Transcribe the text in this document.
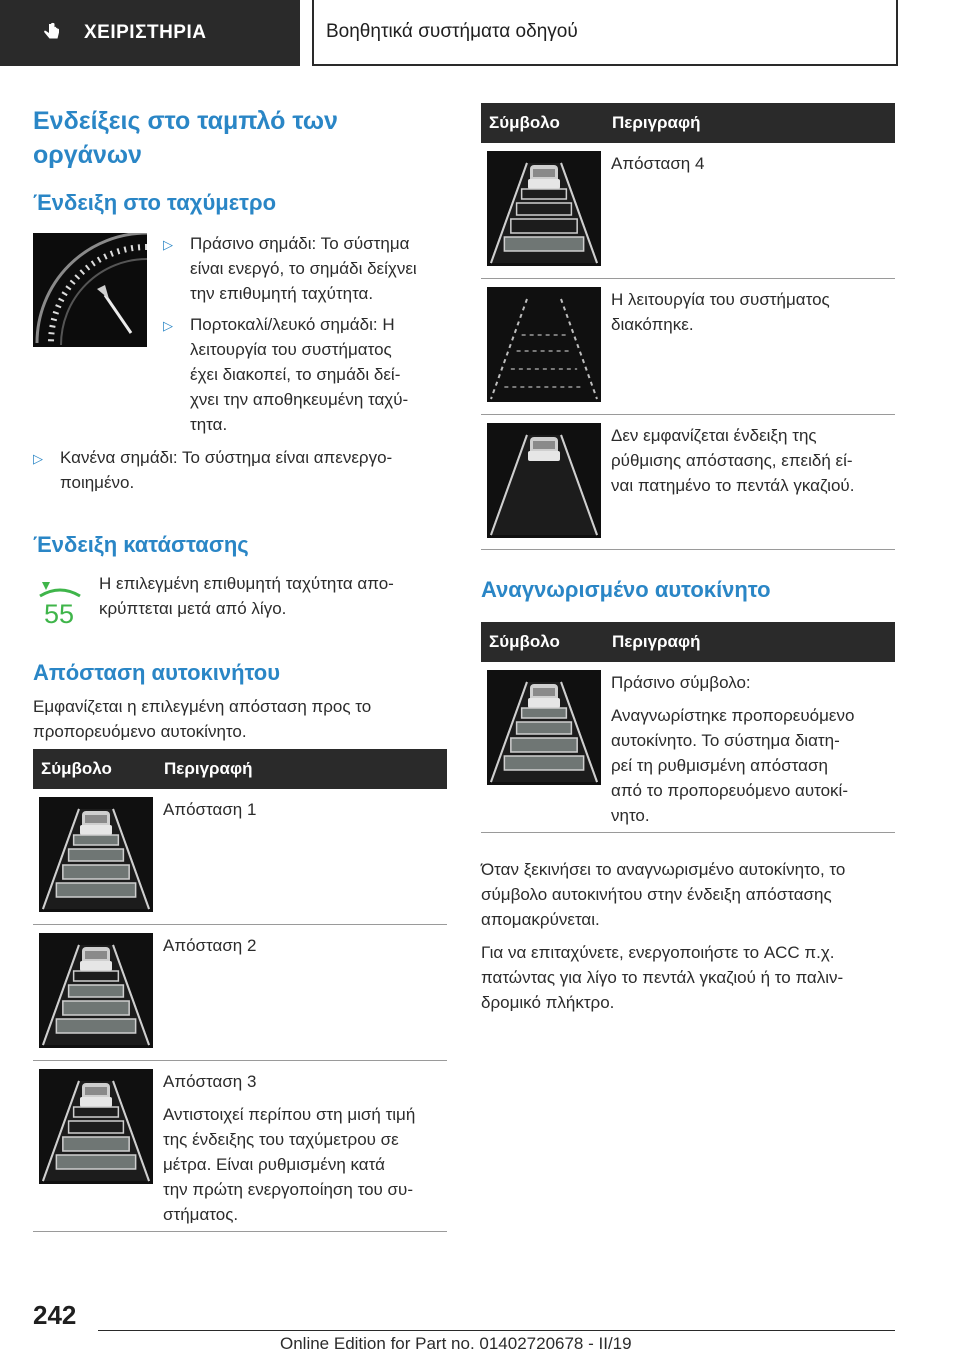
ΧΕΙΡΙΣΤΗΡΙΑ	Βοηθητικά συστήματα οδηγού
Ενδείξεις στο ταμπλό των οργάνων
Ένδειξη στο ταχύμετρο
▷ Πράσινο σημάδι: Το σύστημα
είναι ενεργό, το σημάδι δείχνει
την επιθυμητή ταχύτητα.
▷ Πορτοκαλί/λευκό σημάδι: Η
λειτουργία του συστήματος
έχει διακοπεί, το σημάδι δεί-
χνει την αποθηκευμένη ταχύ-
τητα.
▷ Κανένα σημάδι: Το σύστημα είναι απενεργο-
ποιημένο.
Ένδειξη κατάστασης
55
Η επιλεγμένη επιθυμητή ταχύτητα απο-
κρύπτεται μετά από λίγο.
Απόσταση αυτοκινήτου
Εμφανίζεται η επιλεγμένη απόσταση προς το
προπορευόμενο αυτοκίνητο.
Σύμβολο	Περιγραφή
Απόσταση 1
Απόσταση 2
Απόσταση 3
Αντιστοιχεί περίπου στη μισή τιμή
της ένδειξης του ταχύμετρου σε
μέτρα. Είναι ρυθμισμένη κατά
την πρώτη ενεργοποίηση του συ-
στήματος.
Σύμβολο	Περιγραφή
Απόσταση 4
Η λειτουργία του συστήματος
διακόπηκε.
Δεν εμφανίζεται ένδειξη της
ρύθμισης απόστασης, επειδή εί-
ναι πατημένο το πεντάλ γκαζιού.
Αναγνωρισμένο αυτοκίνητο
Σύμβολο	Περιγραφή
Πράσινο σύμβολο:
Αναγνωρίστηκε προπορευόμενο
αυτοκίνητο. Το σύστημα διατη-
ρεί τη ρυθμισμένη απόσταση
από το προπορευόμενο αυτοκί-
νητο.
Όταν ξεκινήσει το αναγνωρισμένο αυτοκίνητο, το
σύμβολο αυτοκινήτου στην ένδειξη απόστασης
απομακρύνεται.
Για να επιταχύνετε, ενεργοποιήστε το ACC π.χ.
πατώντας για λίγο το πεντάλ γκαζιού ή το παλιν-
δρομικό πλήκτρο.
242
Online Edition for Part no. 01402720678 - II/19
